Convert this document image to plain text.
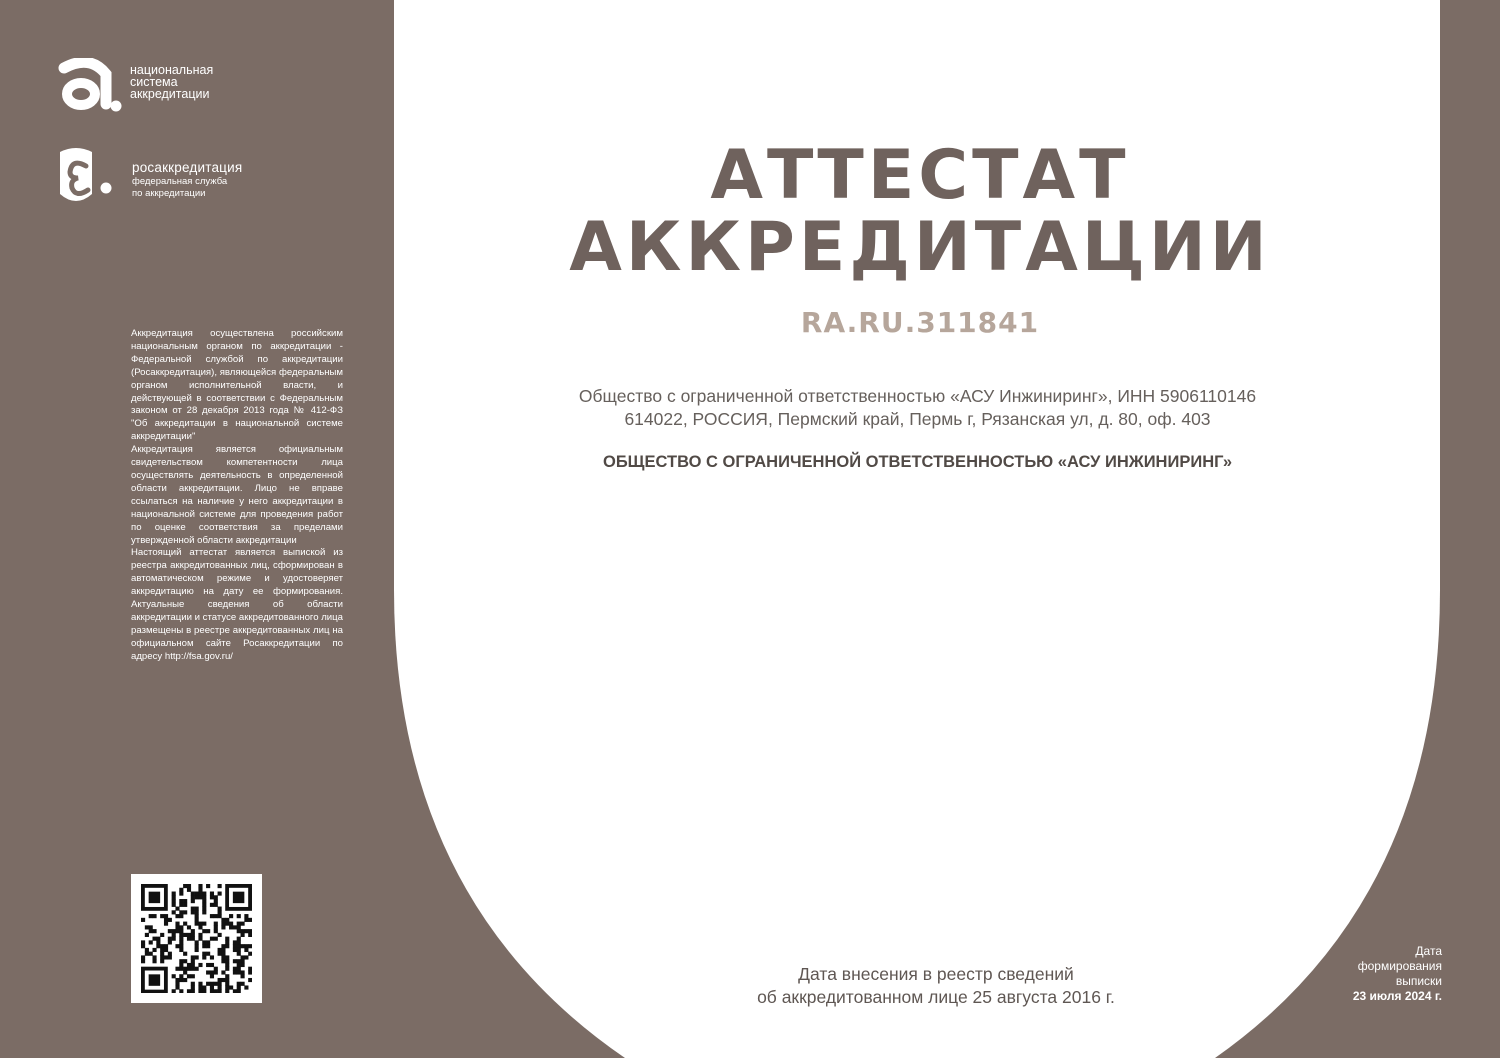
национальная
система
аккредитации
росаккредитация
федеральная служба
по аккредитации

Аккредитация осуществлена российским национальным органом по аккредитации - Федеральной службой по аккредитации (Росаккредитация), являющейся федеральным органом исполнительной власти, и действующей в соответствии с Федеральным законом от 28 декабря 2013 года № 412-ФЗ "Об аккредитации в национальной системе аккредитации"

Аккредитация является официальным свидетельством компетентности лица осуществлять деятельность в определенной области аккредитации. Лицо не вправе ссылаться на наличие у него аккредитации в национальной системе для проведения работ по оценке соответствия за пределами утвержденной области аккредитации

Настоящий аттестат является выпиской из реестра аккредитованных лиц, сформирован в автоматическом режиме и удостоверяет аккредитацию на дату ее формирования. Актуальные сведения об области аккредитации и статусе аккредитованного лица размещены в реестре аккредитованных лиц на официальном сайте Росаккредитации по адресу http://fsa.gov.ru/

АТТЕСТАТ
АККРЕДИТАЦИИ
RA.RU.311841
Общество с ограниченной ответственностью «АСУ Инжиниринг», ИНН 5906110146
614022, РОССИЯ, Пермский край, Пермь г, Рязанская ул, д. 80, оф. 403
ОБЩЕСТВО С ОГРАНИЧЕННОЙ ОТВЕТСТВЕННОСТЬЮ «АСУ ИНЖИНИРИНГ»
Дата внесения в реестр сведений
об аккредитованном лице 25 августа 2016 г.
Дата
формирования
выписки
23 июля 2024 г.
